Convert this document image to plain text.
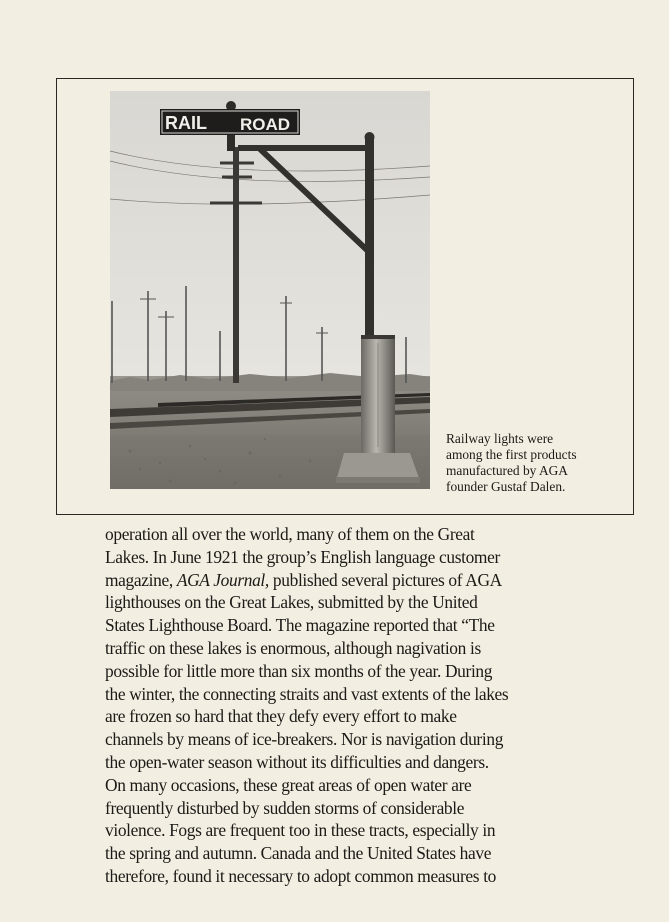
RAIL ROAD
Railway lights were
among the first products
manufactured by AGA
founder Gustaf Dalen.

operation all over the world, many of them on the Great

Lakes. In June 1921 the group’s English language customer

magazine, AGA Journal, published several pictures of AGA

lighthouses on the Great Lakes, submitted by the United

States Lighthouse Board. The magazine reported that “The

traffic on these lakes is enormous, although nagivation is

possible for little more than six months of the year. During

the winter, the connecting straits and vast extents of the lakes

are frozen so hard that they defy every effort to make

channels by means of ice-breakers. Nor is navigation during

the open-water season without its difficulties and dangers.

On many occasions, these great areas of open water are

frequently disturbed by sudden storms of considerable

violence. Fogs are frequent too in these tracts, especially in

the spring and autumn. Canada and the United States have

therefore, found it necessary to adopt common measures to
